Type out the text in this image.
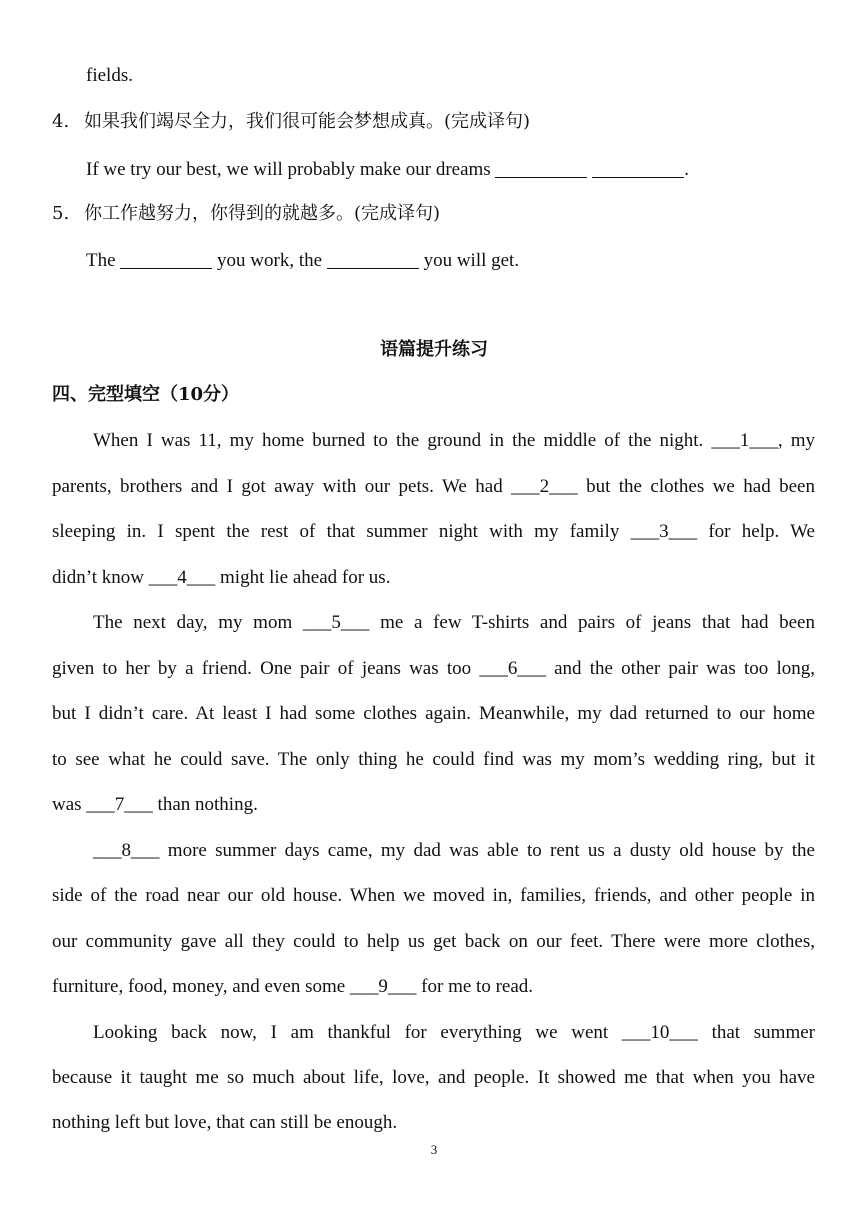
fields.
4. 如果我们竭尽全力，我们很可能会梦想成真。(完成译句)
If we try our best, we will probably make our dreams	.
5. 你工作越努力，你得到的就越多。(完成译句)
The	you work, the	you will get.
语篇提升练习
四、完型填空（10分）
When I was 11, my home burned to the ground in the middle of the night. ___1___, my
parents, brothers and I got away with our pets. We had ___2___ but the clothes we had been
sleeping in. I spent the rest of that summer night with my family ___3___ for help. We
didn’t know ___4___ might lie ahead for us.
The next day, my mom ___5___ me a few T-shirts and pairs of jeans that had been
given to her by a friend. One pair of jeans was too ___6___ and the other pair was too long,
but I didn’t care. At least I had some clothes again. Meanwhile, my dad returned to our home
to see what he could save. The only thing he could find was my mom’s wedding ring, but it
was ___7___ than nothing.
___8___ more summer days came, my dad was able to rent us a dusty old house by the
side of the road near our old house. When we moved in, families, friends, and other people in
our community gave all they could to help us get back on our feet. There were more clothes,
furniture, food, money, and even some ___9___ for me to read.
Looking back now, I am thankful for everything we went ___10___ that summer
because it taught me so much about life, love, and people. It showed me that when you have
nothing left but love, that can still be enough.
3
